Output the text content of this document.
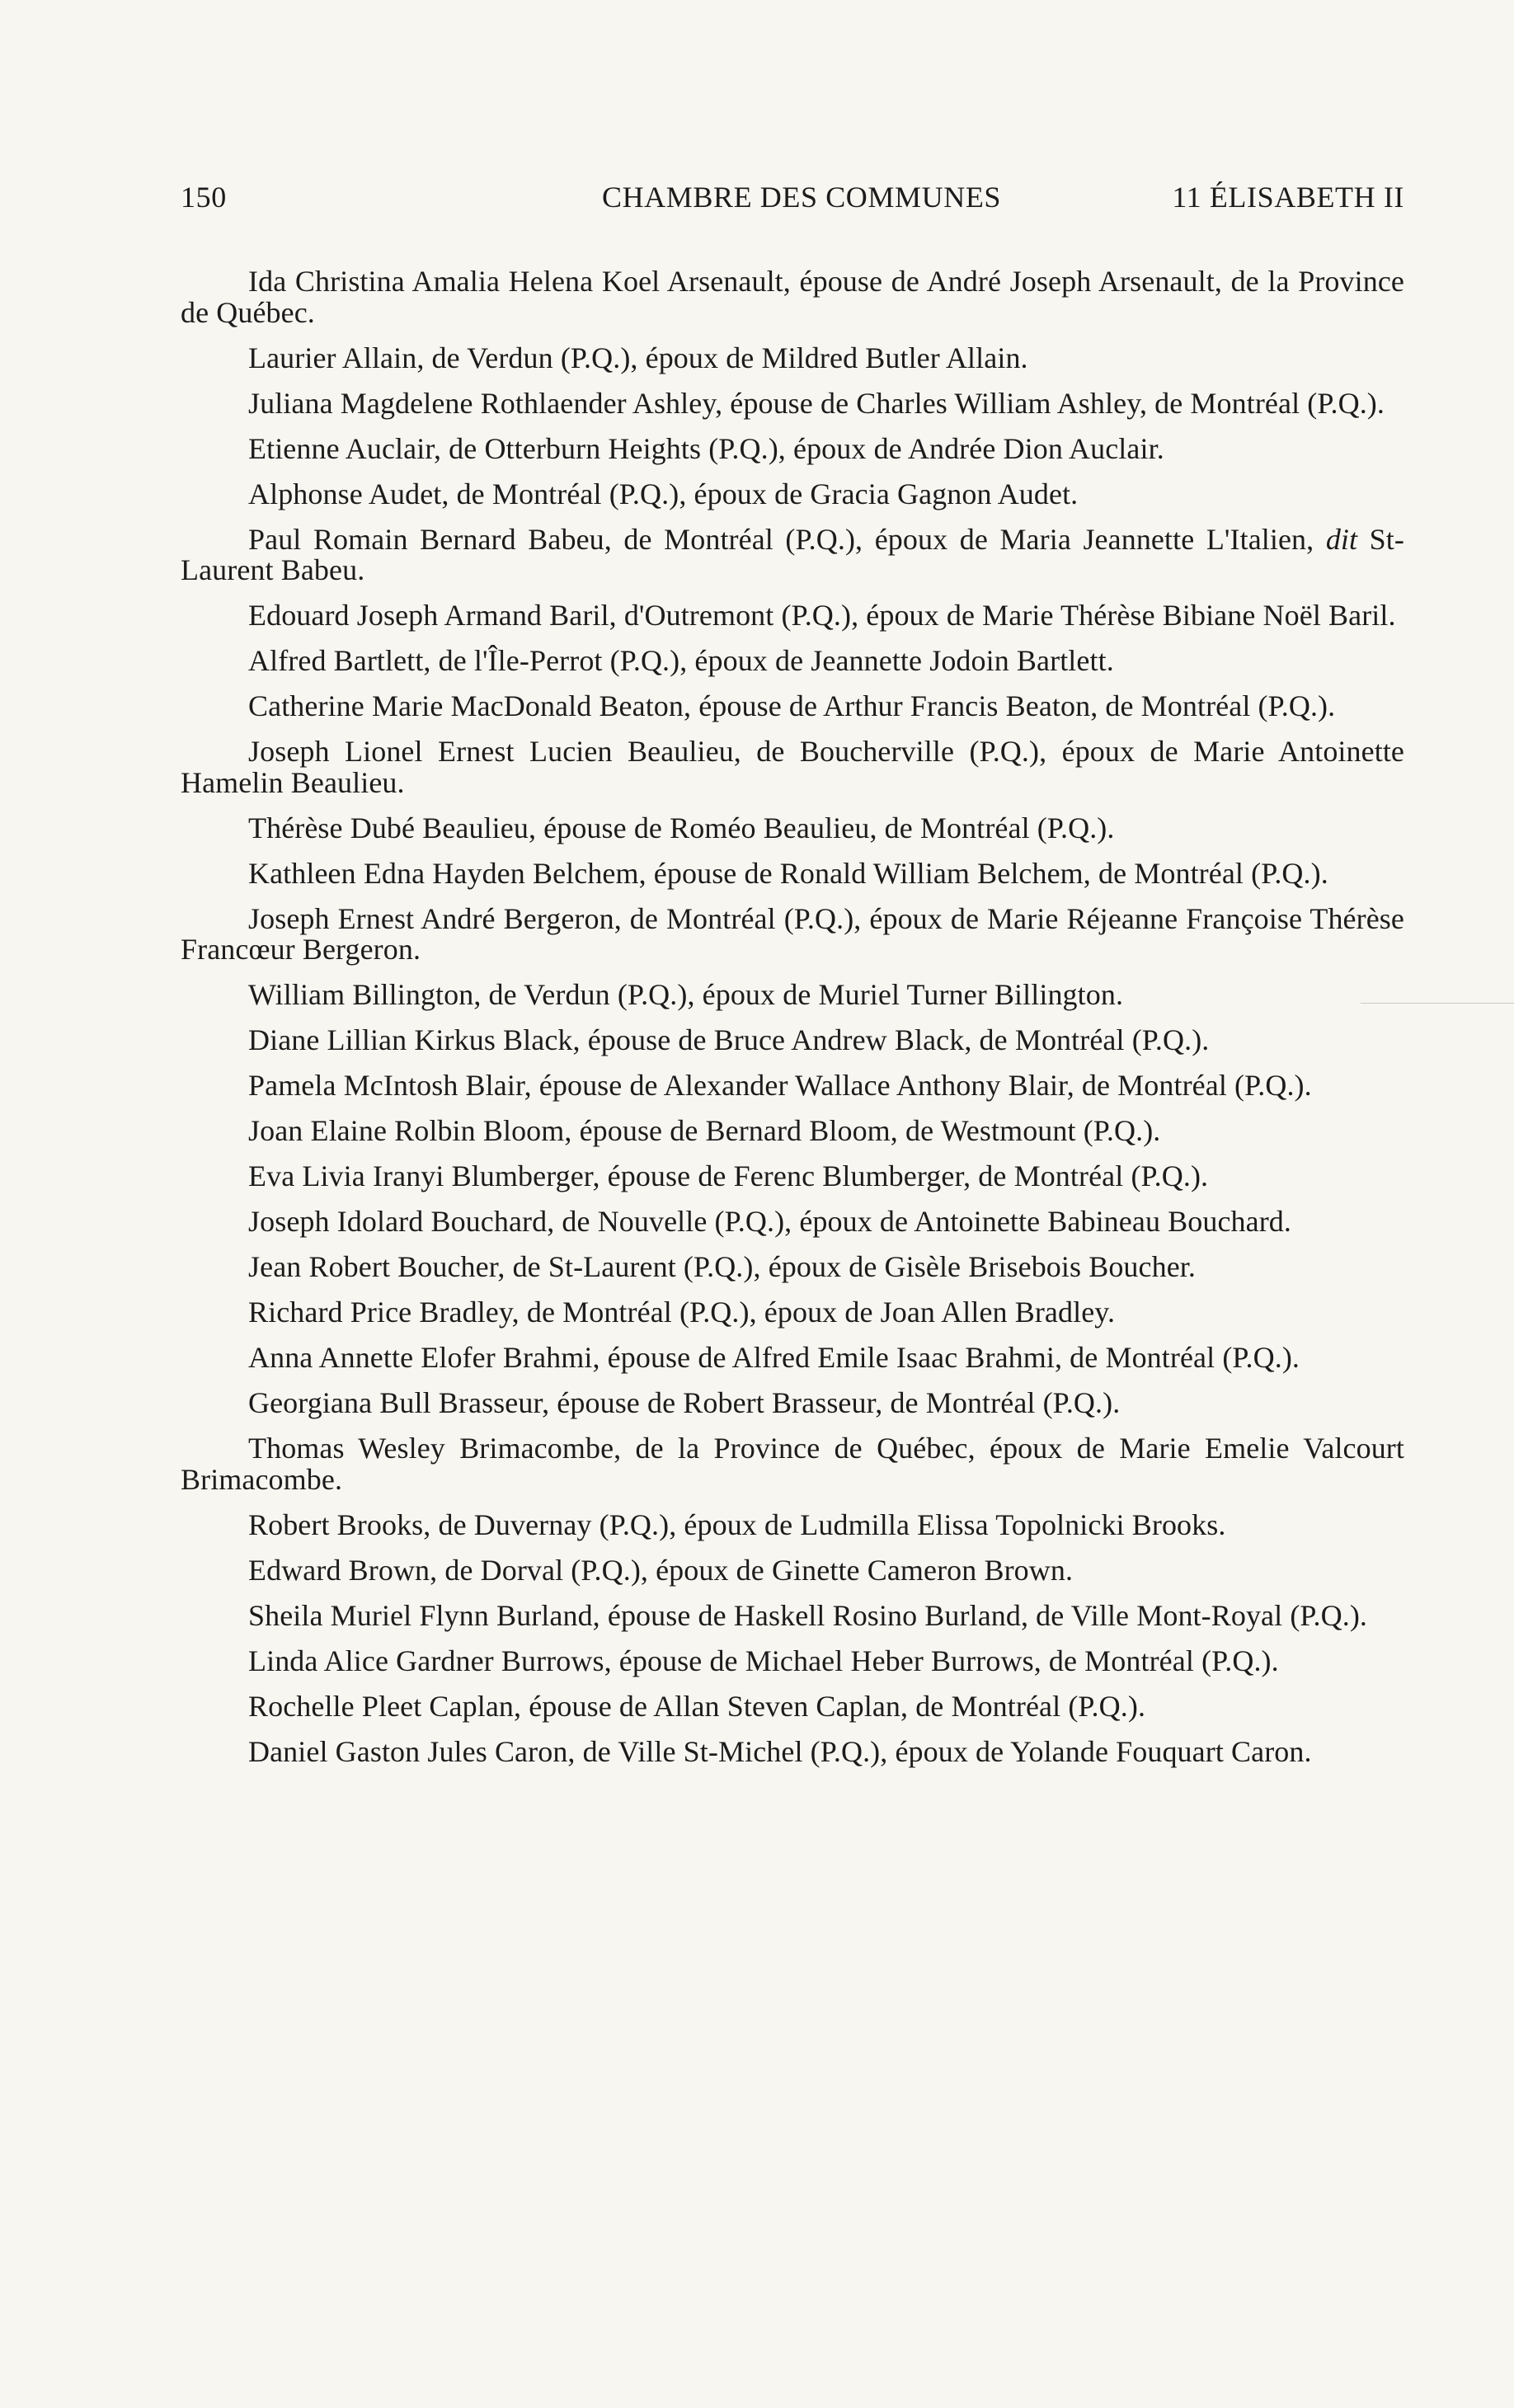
150	CHAMBRE DES COMMUNES	11 ÉLISABETH II
Ida Christina Amalia Helena Koel Arsenault, épouse de André Joseph Arsenault, de la Province de Québec.
Laurier Allain, de Verdun (P.Q.), époux de Mildred Butler Allain.
Juliana Magdelene Rothlaender Ashley, épouse de Charles William Ashley, de Montréal (P.Q.).
Etienne Auclair, de Otterburn Heights (P.Q.), époux de Andrée Dion Auclair.
Alphonse Audet, de Montréal (P.Q.), époux de Gracia Gagnon Audet.
Paul Romain Bernard Babeu, de Montréal (P.Q.), époux de Maria Jeannette L'Italien, dit St-Laurent Babeu.
Edouard Joseph Armand Baril, d'Outremont (P.Q.), époux de Marie Thérèse Bibiane Noël Baril.
Alfred Bartlett, de l'Île-Perrot (P.Q.), époux de Jeannette Jodoin Bartlett.
Catherine Marie MacDonald Beaton, épouse de Arthur Francis Beaton, de Montréal (P.Q.).
Joseph Lionel Ernest Lucien Beaulieu, de Boucherville (P.Q.), époux de Marie Antoinette Hamelin Beaulieu.
Thérèse Dubé Beaulieu, épouse de Roméo Beaulieu, de Montréal (P.Q.).
Kathleen Edna Hayden Belchem, épouse de Ronald William Belchem, de Montréal (P.Q.).
Joseph Ernest André Bergeron, de Montréal (P.Q.), époux de Marie Réjeanne Françoise Thérèse Francœur Bergeron.
William Billington, de Verdun (P.Q.), époux de Muriel Turner Billington.
Diane Lillian Kirkus Black, épouse de Bruce Andrew Black, de Montréal (P.Q.).
Pamela McIntosh Blair, épouse de Alexander Wallace Anthony Blair, de Montréal (P.Q.).
Joan Elaine Rolbin Bloom, épouse de Bernard Bloom, de Westmount (P.Q.).
Eva Livia Iranyi Blumberger, épouse de Ferenc Blumberger, de Montréal (P.Q.).
Joseph Idolard Bouchard, de Nouvelle (P.Q.), époux de Antoinette Babineau Bouchard.
Jean Robert Boucher, de St-Laurent (P.Q.), époux de Gisèle Brisebois Boucher.
Richard Price Bradley, de Montréal (P.Q.), époux de Joan Allen Bradley.
Anna Annette Elofer Brahmi, épouse de Alfred Emile Isaac Brahmi, de Montréal (P.Q.).
Georgiana Bull Brasseur, épouse de Robert Brasseur, de Montréal (P.Q.).
Thomas Wesley Brimacombe, de la Province de Québec, époux de Marie Emelie Valcourt Brimacombe.
Robert Brooks, de Duvernay (P.Q.), époux de Ludmilla Elissa Topolnicki Brooks.
Edward Brown, de Dorval (P.Q.), époux de Ginette Cameron Brown.
Sheila Muriel Flynn Burland, épouse de Haskell Rosino Burland, de Ville Mont-Royal (P.Q.).
Linda Alice Gardner Burrows, épouse de Michael Heber Burrows, de Montréal (P.Q.).
Rochelle Pleet Caplan, épouse de Allan Steven Caplan, de Montréal (P.Q.).
Daniel Gaston Jules Caron, de Ville St-Michel (P.Q.), époux de Yolande Fouquart Caron.
